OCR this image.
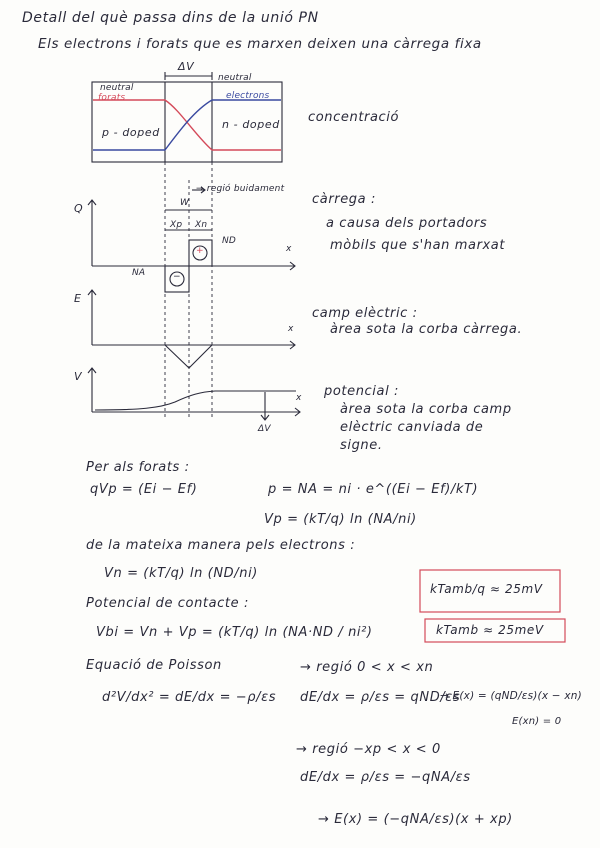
Detall del què passa dins de la unió PN
Els electrons i forats que es marxen deixen una càrrega fixa
ΔV
neutral
neutral
forats	electrons
p - doped
n - doped concentració
Q
→ regió buidament
W
Xp Xn
ND
NA
+
−
x
càrrega :
a causa dels portadors
mòbils que s'han marxat
E
x
camp elèctric :
àrea sota la corba càrrega.
V
x
ΔV
potencial :
àrea sota la corba camp
elèctric canviada de
signe.
Per als forats :
qVp = (Ei − Ef)	p = NA = ni · e^((Ei − Ef)/kT)
Vp = (kT/q) ln (NA/ni)
de la mateixa manera pels electrons :
Vn = (kT/q) ln (ND/ni)
Potencial de contacte :
Vbi = Vn + Vp = (kT/q) ln (NA·ND / ni²)
kTamb/q ≈ 25mV
kTamb ≈ 25meV
Equació de Poisson
d²V/dx² = dE/dx = −ρ/εs
→ regió 0 < x < xn
dE/dx = ρ/εs = qND/εs
→ E(x) = (qND/εs)(x − xn)
E(xn) = 0
→ regió −xp < x < 0
dE/dx = ρ/εs = −qNA/εs
→ E(x) = (−qNA/εs)(x + xp)
